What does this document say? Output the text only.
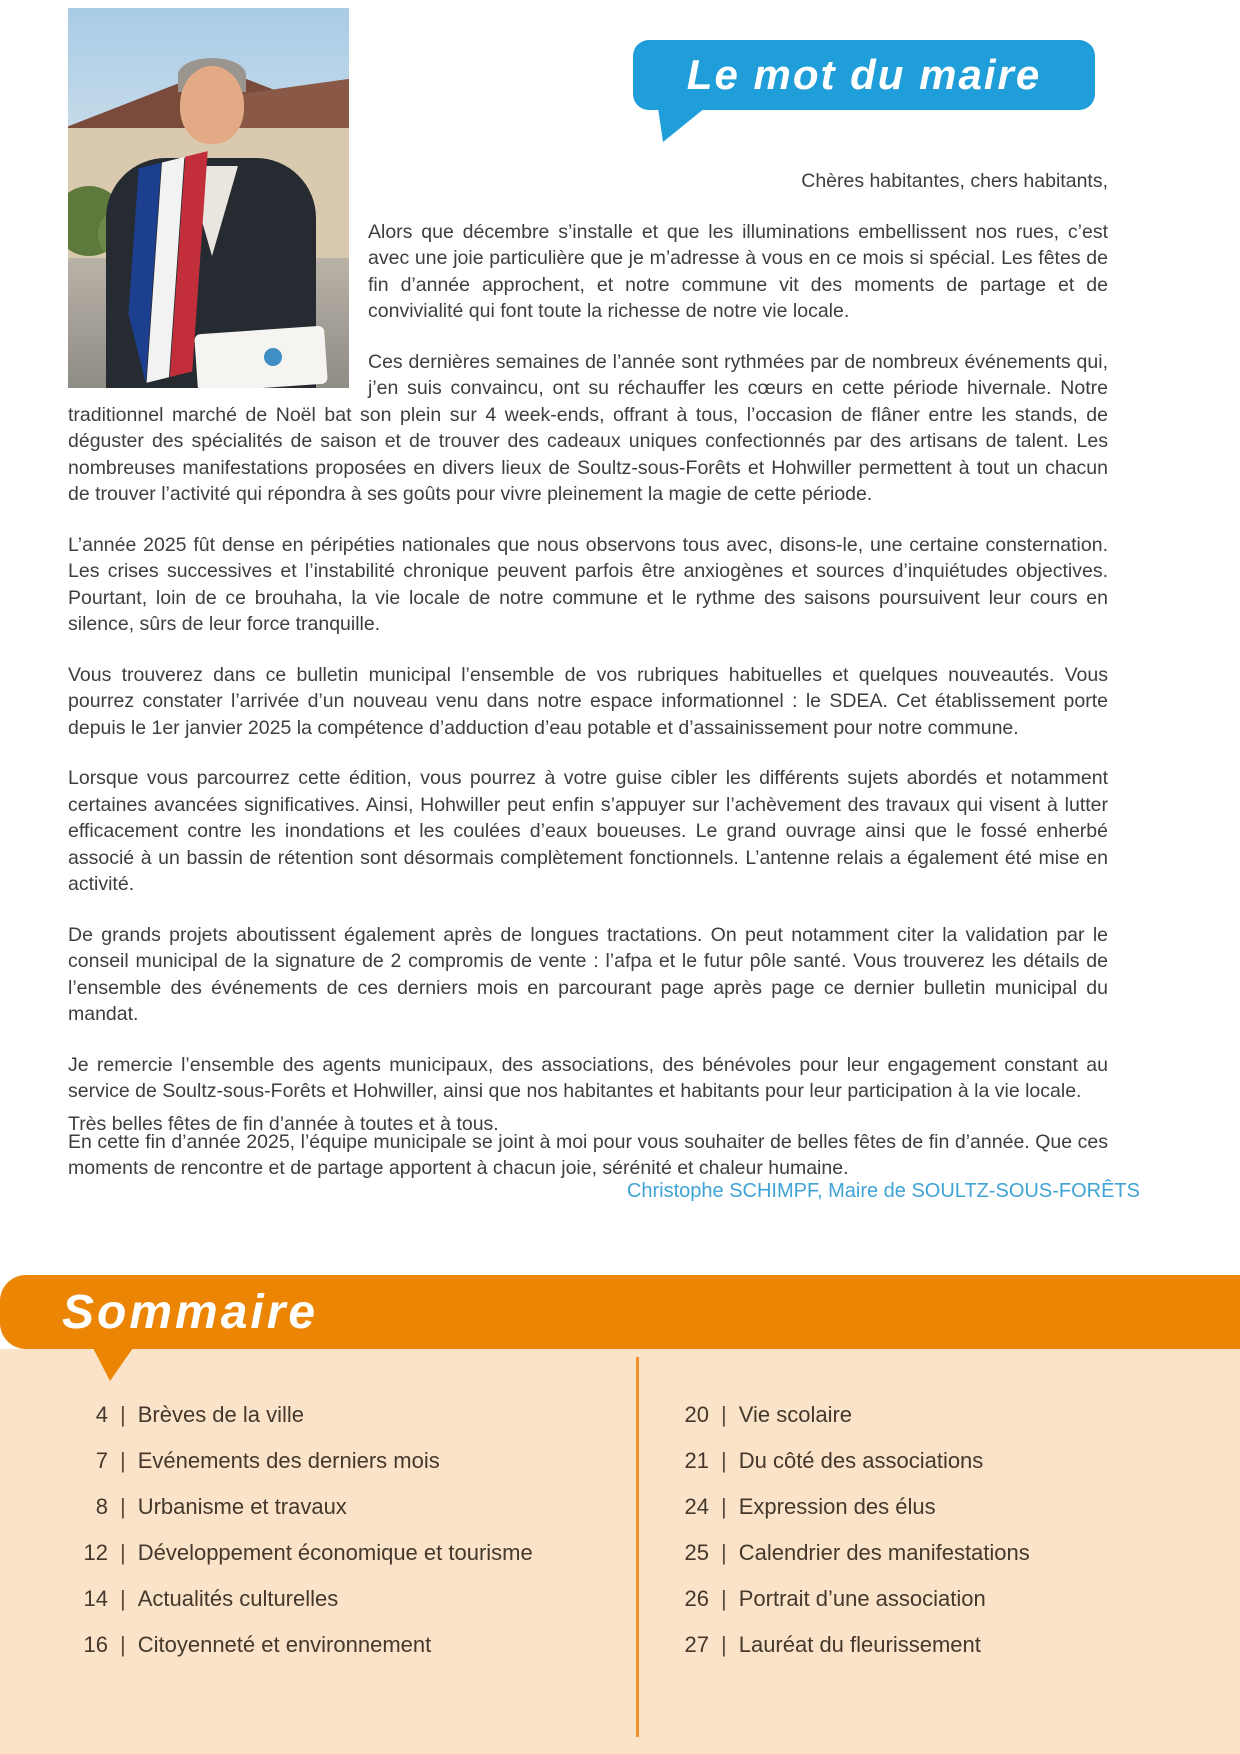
Le mot du maire
Chères habitantes, chers habitants,

Alors que décembre s’installe et que les illuminations embellissent nos rues, c’est avec une joie particulière que je m’adresse à vous en ce mois si spécial. Les fêtes de fin d’année approchent, et notre commune vit des moments de partage et de convivialité qui font toute la richesse de notre vie locale.

Ces dernières semaines de l’année sont rythmées par de nombreux événements qui, j’en suis convaincu, ont su réchauffer les cœurs en cette période hivernale. Notre traditionnel marché de Noël bat son plein sur 4 week-ends, offrant à tous, l’occasion de flâner entre les stands, de déguster des spécialités de saison et de trouver des cadeaux uniques confectionnés par des artisans de talent. Les nombreuses manifestations proposées en divers lieux de Soultz-sous-Forêts et Hohwiller permettent à tout un chacun de trouver l’activité qui répondra à ses goûts pour vivre pleinement la magie de cette période.

L’année 2025 fût dense en péripéties nationales que nous observons tous avec, disons-le, une certaine consternation. Les crises successives et l’instabilité chronique peuvent parfois être anxiogènes et sources d’inquiétudes objectives. Pourtant, loin de ce brouhaha, la vie locale de notre commune et le rythme des saisons poursuivent leur cours en silence, sûrs de leur force tranquille.

Vous trouverez dans ce bulletin municipal l’ensemble de vos rubriques habituelles et quelques nouveautés. Vous pourrez constater l’arrivée d’un nouveau venu dans notre espace informationnel : le SDEA. Cet établissement porte depuis le 1er janvier 2025 la compétence d’adduction d’eau potable et d’assainissement pour notre commune.

Lorsque vous parcourrez cette édition, vous pourrez à votre guise cibler les différents sujets abordés et notamment certaines avancées significatives. Ainsi, Hohwiller peut enfin s’appuyer sur l’achèvement des travaux qui visent à lutter efficacement contre les inondations et les coulées d’eaux boueuses. Le grand ouvrage ainsi que le fossé enherbé associé à un bassin de rétention sont désormais complètement fonctionnels. L’antenne relais a également été mise en activité.

De grands projets aboutissent également après de longues tractations. On peut notamment citer la validation par le conseil municipal de la signature de 2 compromis de vente : l’afpa et le futur pôle santé. Vous trouverez les détails de l’ensemble des événements de ces derniers mois en parcourant page après page ce dernier bulletin municipal du mandat.

Je remercie l’ensemble des agents municipaux, des associations, des bénévoles pour leur engagement constant au service de Soultz-sous-Forêts et Hohwiller, ainsi que nos habitantes et habitants pour leur participation à la vie locale.

En cette fin d’année 2025, l’équipe municipale se joint à moi pour vous souhaiter de belles fêtes de fin d’année. Que ces moments de rencontre et de partage apportent à chacun joie, sérénité et chaleur humaine.

Très belles fêtes de fin d’année à toutes et à tous.
Christophe SCHIMPF, Maire de SOULTZ-SOUS-FORÊTS
Sommaire
4 | Brèves de la ville
7 | Evénements des derniers mois
8 | Urbanisme et travaux
12 | Développement économique et tourisme
14 | Actualités culturelles
16 | Citoyenneté et environnement
20 | Vie scolaire
21 | Du côté des associations
24 | Expression des élus
25 | Calendrier des manifestations
26 | Portrait d’une association
27 | Lauréat du fleurissement
